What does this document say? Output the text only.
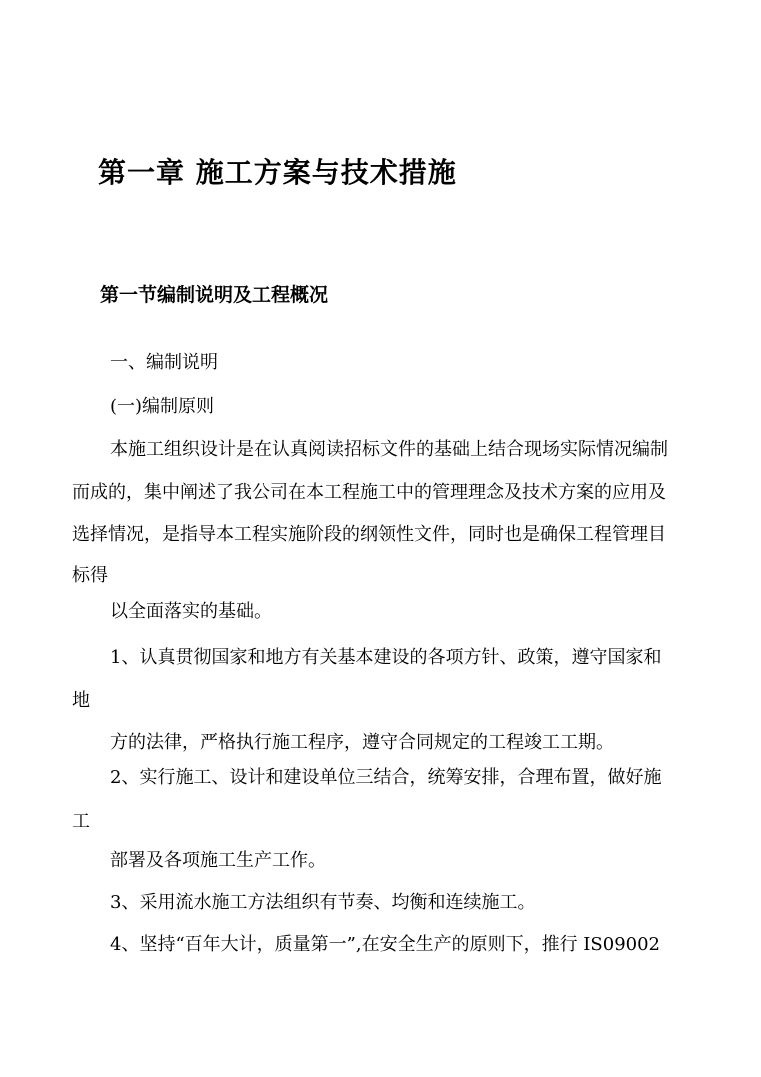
第一章 施工方案与技术措施
第一节编制说明及工程概况
一、编制说明
(一)编制原则
本施工组织设计是在认真阅读招标文件的基础上结合现场实际情况编制
而成的，集中阐述了我公司在本工程施工中的管理理念及技术方案的应用及
选择情况，是指导本工程实施阶段的纲领性文件，同时也是确保工程管理目
标得
以全面落实的基础。
1、认真贯彻国家和地方有关基本建设的各项方针、政策，遵守国家和
地
方的法律，严格执行施工程序，遵守合同规定的工程竣工工期。
2、实行施工、设计和建设单位三结合，统筹安排，合理布置，做好施
工
部署及各项施工生产工作。
3、采用流水施工方法组织有节奏、均衡和连续施工。
4、坚持“百年大计，质量第一”,在安全生产的原则下，推行 IS09002
